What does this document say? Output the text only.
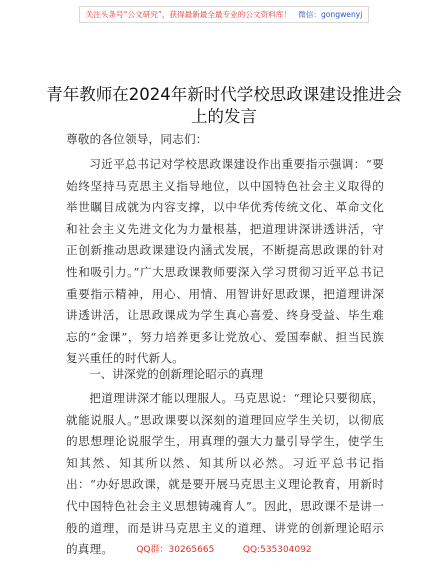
关注头条号“公文研究”，获得最新最全最专业的公文资料库！ 微信：gongwenyj
青年教师在2024年新时代学校思政课建设推进会上的发言

尊敬的各位领导，同志们：

习近平总书记对学校思政课建设作出重要指示强调：“要始终坚持马克思主义指导地位，以中国特色社会主义取得的举世瞩目成就为内容支撑，以中华优秀传统文化、革命文化和社会主义先进文化为力量根基，把道理讲深讲透讲活，守正创新推动思政课建设内涵式发展，不断提高思政课的针对性和吸引力。”广大思政课教师要深入学习贯彻习近平总书记重要指示精神，用心、用情、用智讲好思政课，把道理讲深讲透讲活，让思政课成为学生真心喜爱、终身受益、毕生难忘的“金课”，努力培养更多让党放心、爱国奉献、担当民族复兴重任的时代新人。

一、讲深党的创新理论昭示的真理

把道理讲深才能以理服人。马克思说：“理论只要彻底，就能说服人。”思政课要以深刻的道理回应学生关切，以彻底的思想理论说服学生，用真理的强大力量引导学生，使学生知其然、知其所以然、知其所以必然。习近平总书记指出：“办好思政课，就是要开展马克思主义理论教育，用新时代中国特色社会主义思想铸魂育人”。因此，思政课不是讲一般的道理，而是讲马克思主义的道理、讲党的创新理论昭示的真理。	QQ群：30265665	QQ:535304092
